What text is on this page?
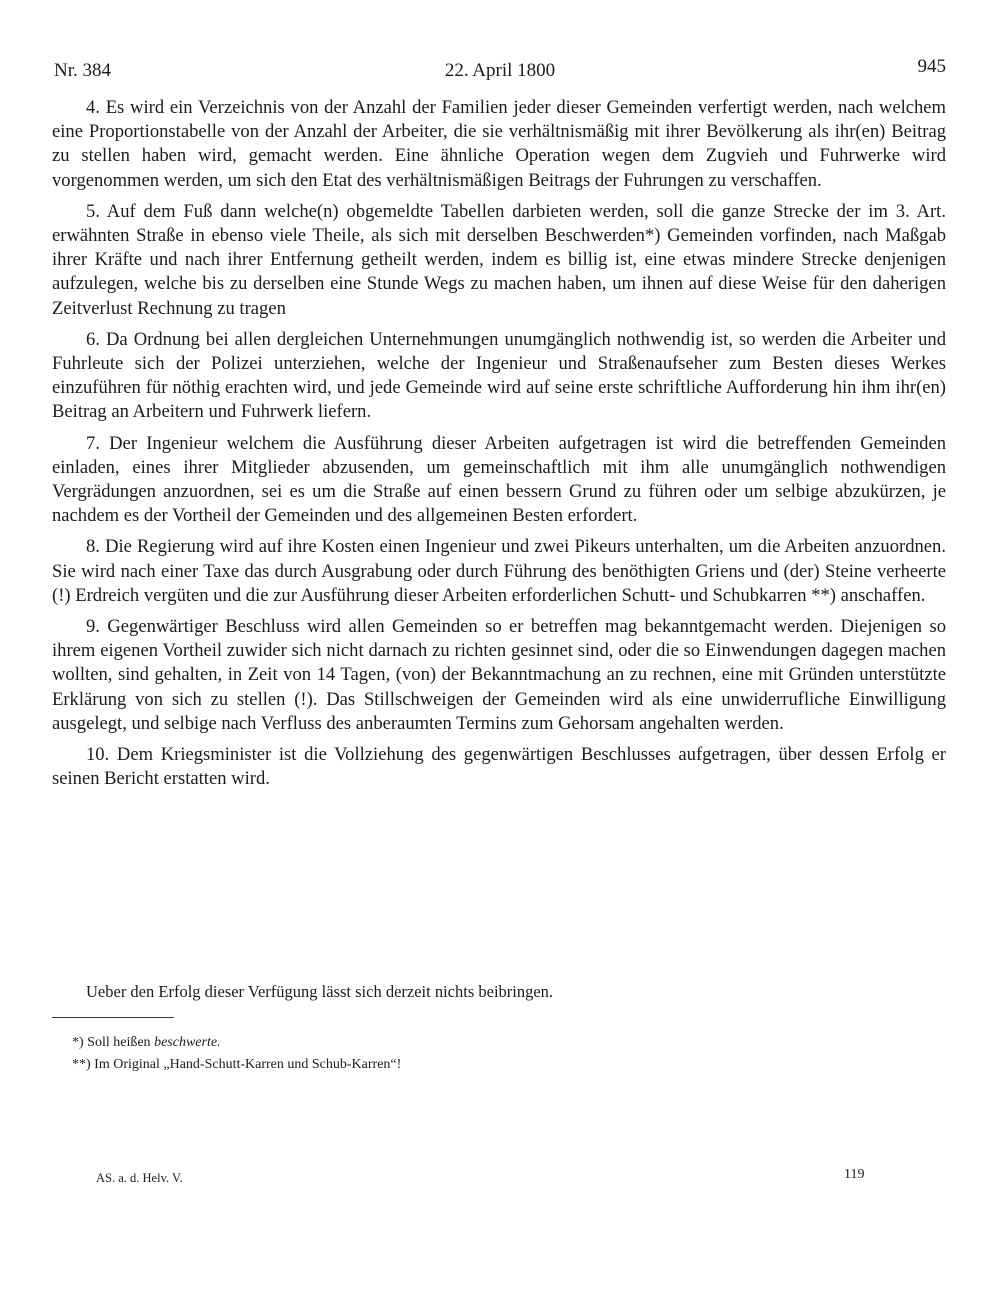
Nr. 384	22. April 1800	945

4. Es wird ein Verzeichnis von der Anzahl der Familien jeder dieser Gemeinden verfertigt werden, nach welchem eine Proportionstabelle von der Anzahl der Arbeiter, die sie verhältnismäßig mit ihrer Bevölkerung als ihr(en) Beitrag zu stellen haben wird, gemacht werden. Eine ähnliche Operation wegen dem Zugvieh und Fuhrwerke wird vorgenommen werden, um sich den Etat des verhältnismäßigen Beitrags der Fuhrungen zu verschaffen.

5. Auf dem Fuß dann welche(n) obgemeldte Tabellen darbieten werden, soll die ganze Strecke der im 3. Art. erwähnten Straße in ebenso viele Theile, als sich mit derselben Beschwerden*) Gemeinden vorfinden, nach Maßgab ihrer Kräfte und nach ihrer Entfernung getheilt werden, indem es billig ist, eine etwas mindere Strecke denjenigen aufzulegen, welche bis zu derselben eine Stunde Wegs zu machen haben, um ihnen auf diese Weise für den daherigen Zeitverlust Rechnung zu tragen

6. Da Ordnung bei allen dergleichen Unternehmungen unumgänglich nothwendig ist, so werden die Arbeiter und Fuhrleute sich der Polizei unterziehen, welche der Ingenieur und Straßenaufseher zum Besten dieses Werkes einzuführen für nöthig erachten wird, und jede Gemeinde wird auf seine erste schriftliche Aufforderung hin ihm ihr(en) Beitrag an Arbeitern und Fuhrwerk liefern.

7. Der Ingenieur welchem die Ausführung dieser Arbeiten aufgetragen ist wird die betreffenden Gemeinden einladen, eines ihrer Mitglieder abzusenden, um gemeinschaftlich mit ihm alle unumgänglich nothwendigen Vergrädungen anzuordnen, sei es um die Straße auf einen bessern Grund zu führen oder um selbige abzukürzen, je nachdem es der Vortheil der Gemeinden und des allgemeinen Besten erfordert.

8. Die Regierung wird auf ihre Kosten einen Ingenieur und zwei Pikeurs unterhalten, um die Arbeiten anzuordnen. Sie wird nach einer Taxe das durch Ausgrabung oder durch Führung des benöthigten Griens und (der) Steine verheerte (!) Erdreich vergüten und die zur Ausführung dieser Arbeiten erforderlichen Schutt- und Schubkarren **) anschaffen.

9. Gegenwärtiger Beschluss wird allen Gemeinden so er betreffen mag bekanntgemacht werden. Diejenigen so ihrem eigenen Vortheil zuwider sich nicht darnach zu richten gesinnet sind, oder die so Einwendungen dagegen machen wollten, sind gehalten, in Zeit von 14 Tagen, (von) der Bekanntmachung an zu rechnen, eine mit Gründen unterstützte Erklärung von sich zu stellen (!). Das Stillschweigen der Gemeinden wird als eine unwiderrufliche Einwilligung ausgelegt, und selbige nach Verfluss des anberaumten Termins zum Gehorsam angehalten werden.

10. Dem Kriegsminister ist die Vollziehung des gegenwärtigen Beschlusses aufgetragen, über dessen Erfolg er seinen Bericht erstatten wird.

Ueber den Erfolg dieser Verfügung lässt sich derzeit nichts beibringen.
*) Soll heißen beschwerte.
**) Im Original „Hand-Schutt-Karren und Schub-Karren“!
AS. a. d. Helv. V.	119
